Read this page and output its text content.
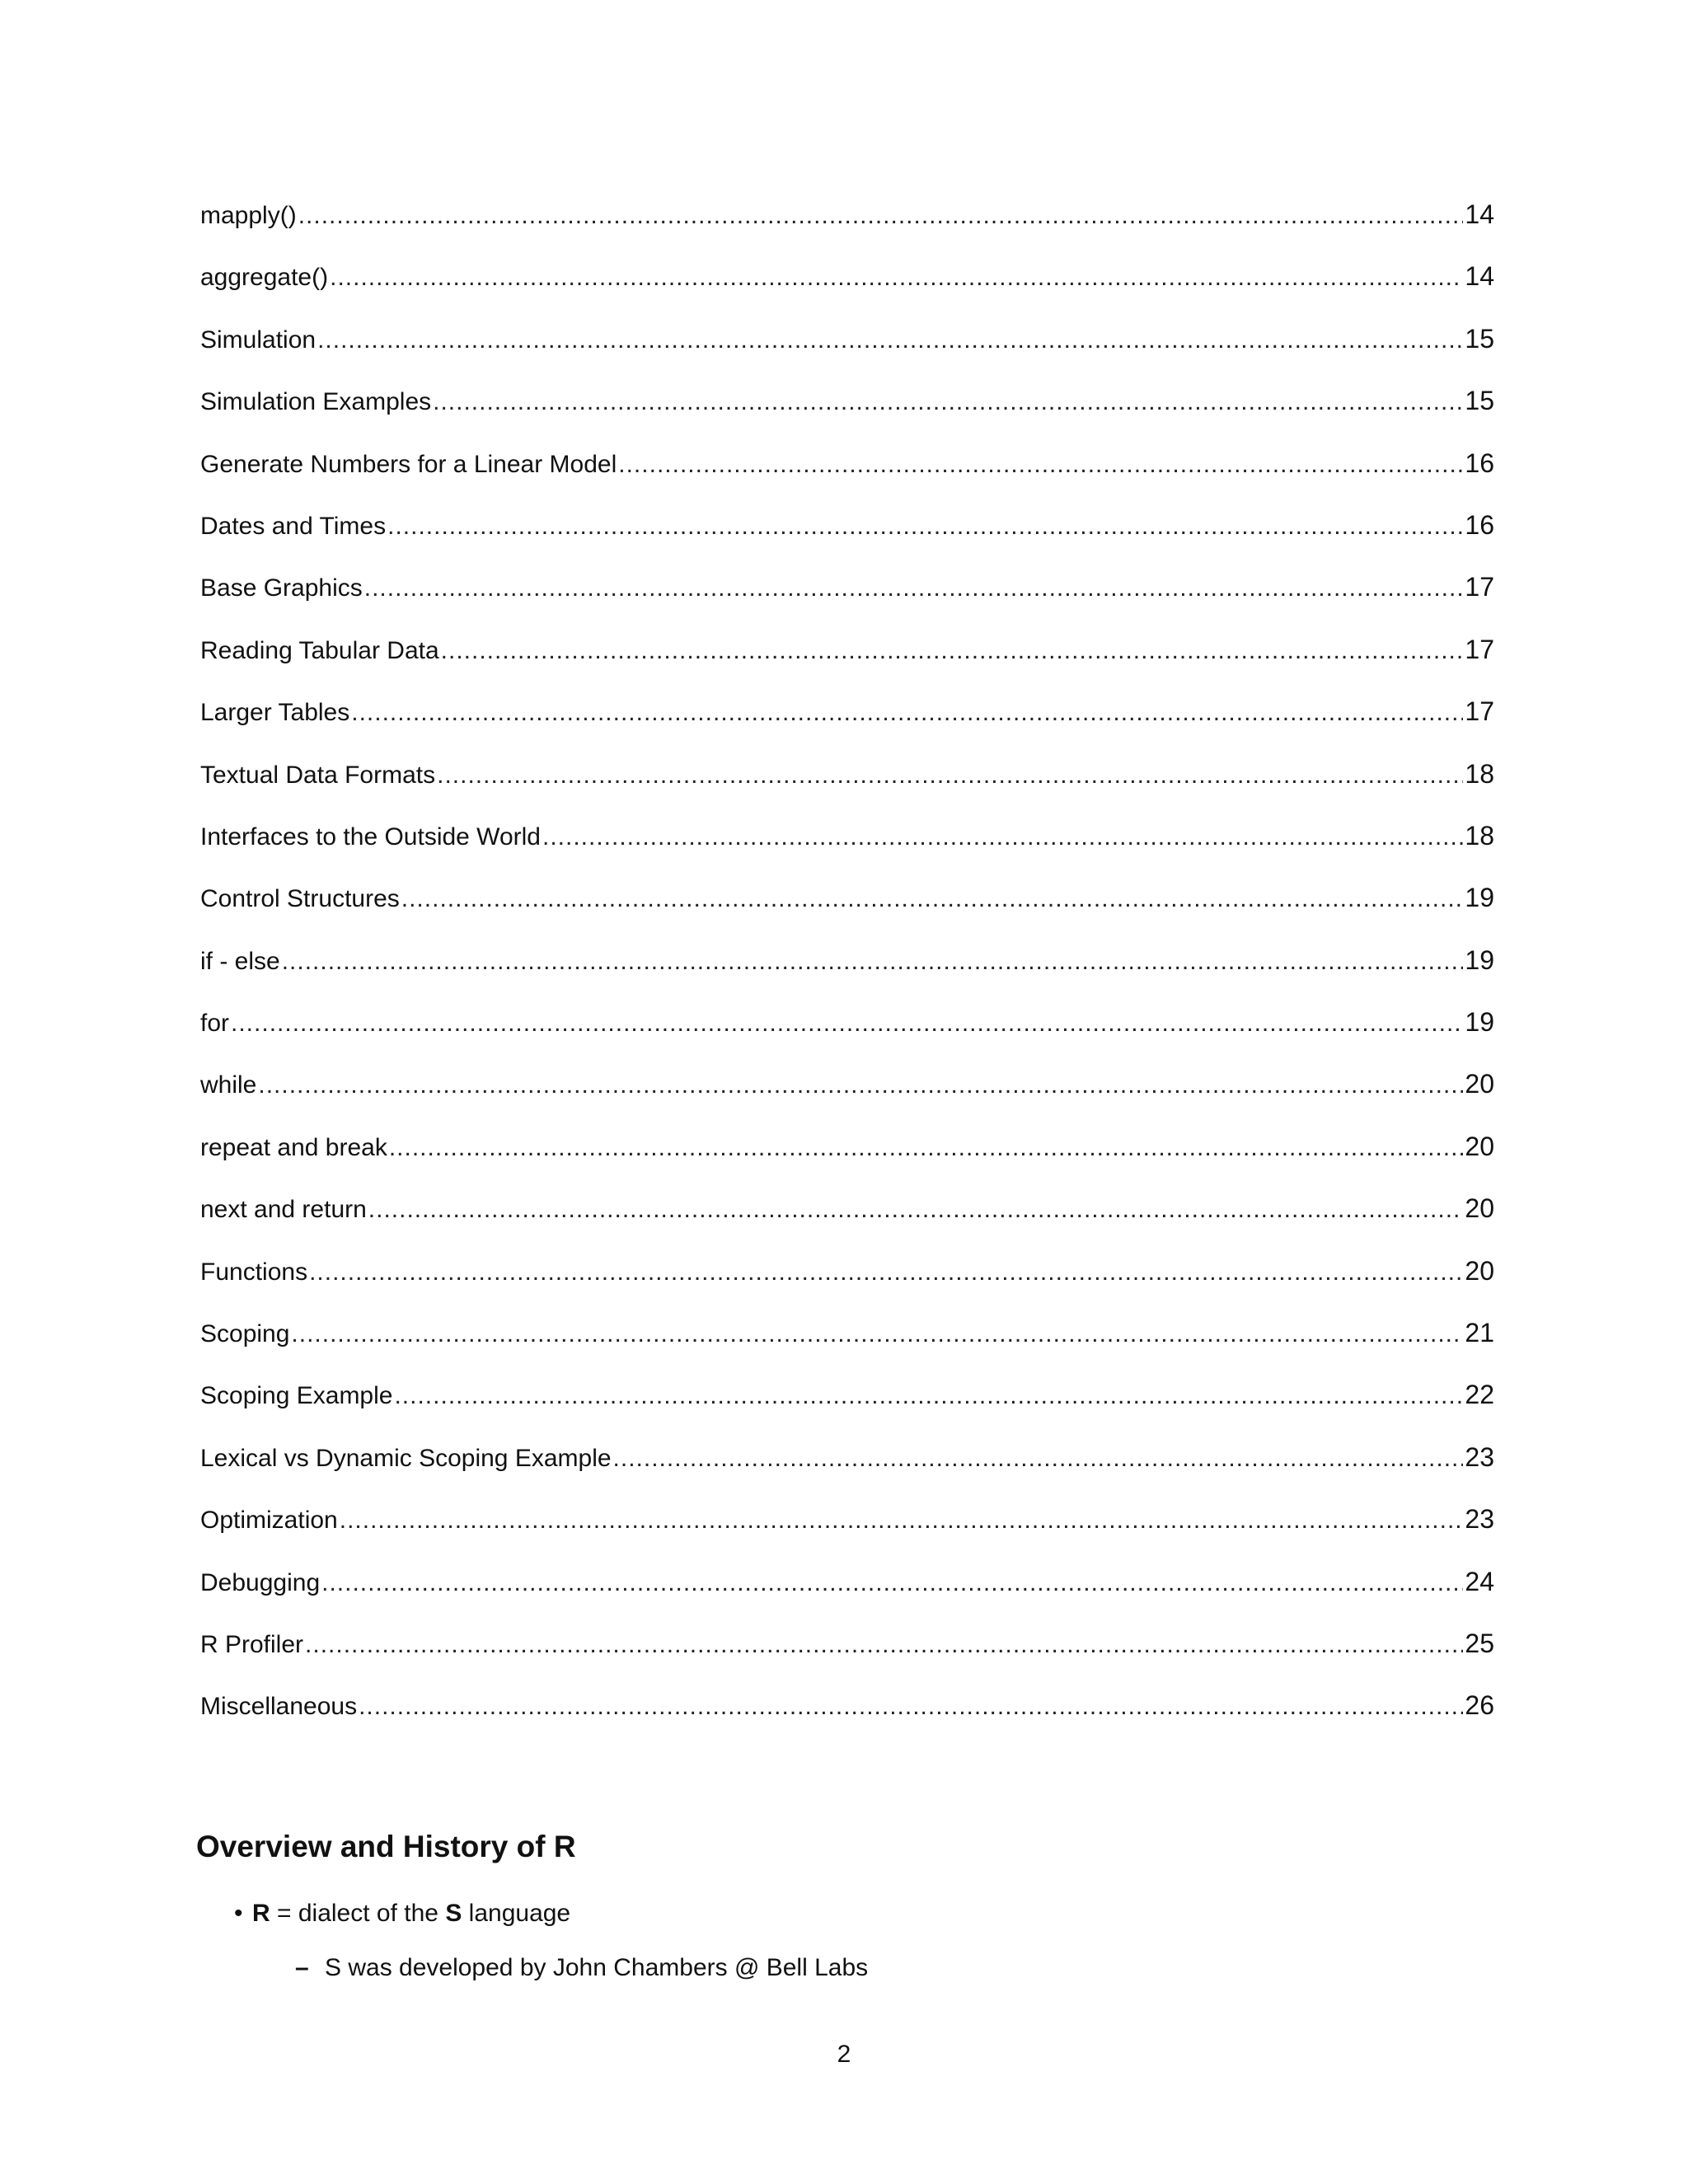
mapply() .....	14
aggregate() .....	14
Simulation .....	15
Simulation Examples .....	15
Generate Numbers for a Linear Model .....	16
Dates and Times .....	16
Base Graphics .....	17
Reading Tabular Data .....	17
Larger Tables .....	17
Textual Data Formats .....	18
Interfaces to the Outside World .....	18
Control Structures .....	19
if - else .....	19
for .....	19
while .....	20
repeat and break .....	20
next and return .....	20
Functions .....	20
Scoping .....	21
Scoping Example .....	22
Lexical vs Dynamic Scoping Example .....	23
Optimization .....	23
Debugging .....	24
R Profiler .....	25
Miscellaneous .....	26
Overview and History of R
• R = dialect of the S language
– S was developed by John Chambers @ Bell Labs
2
